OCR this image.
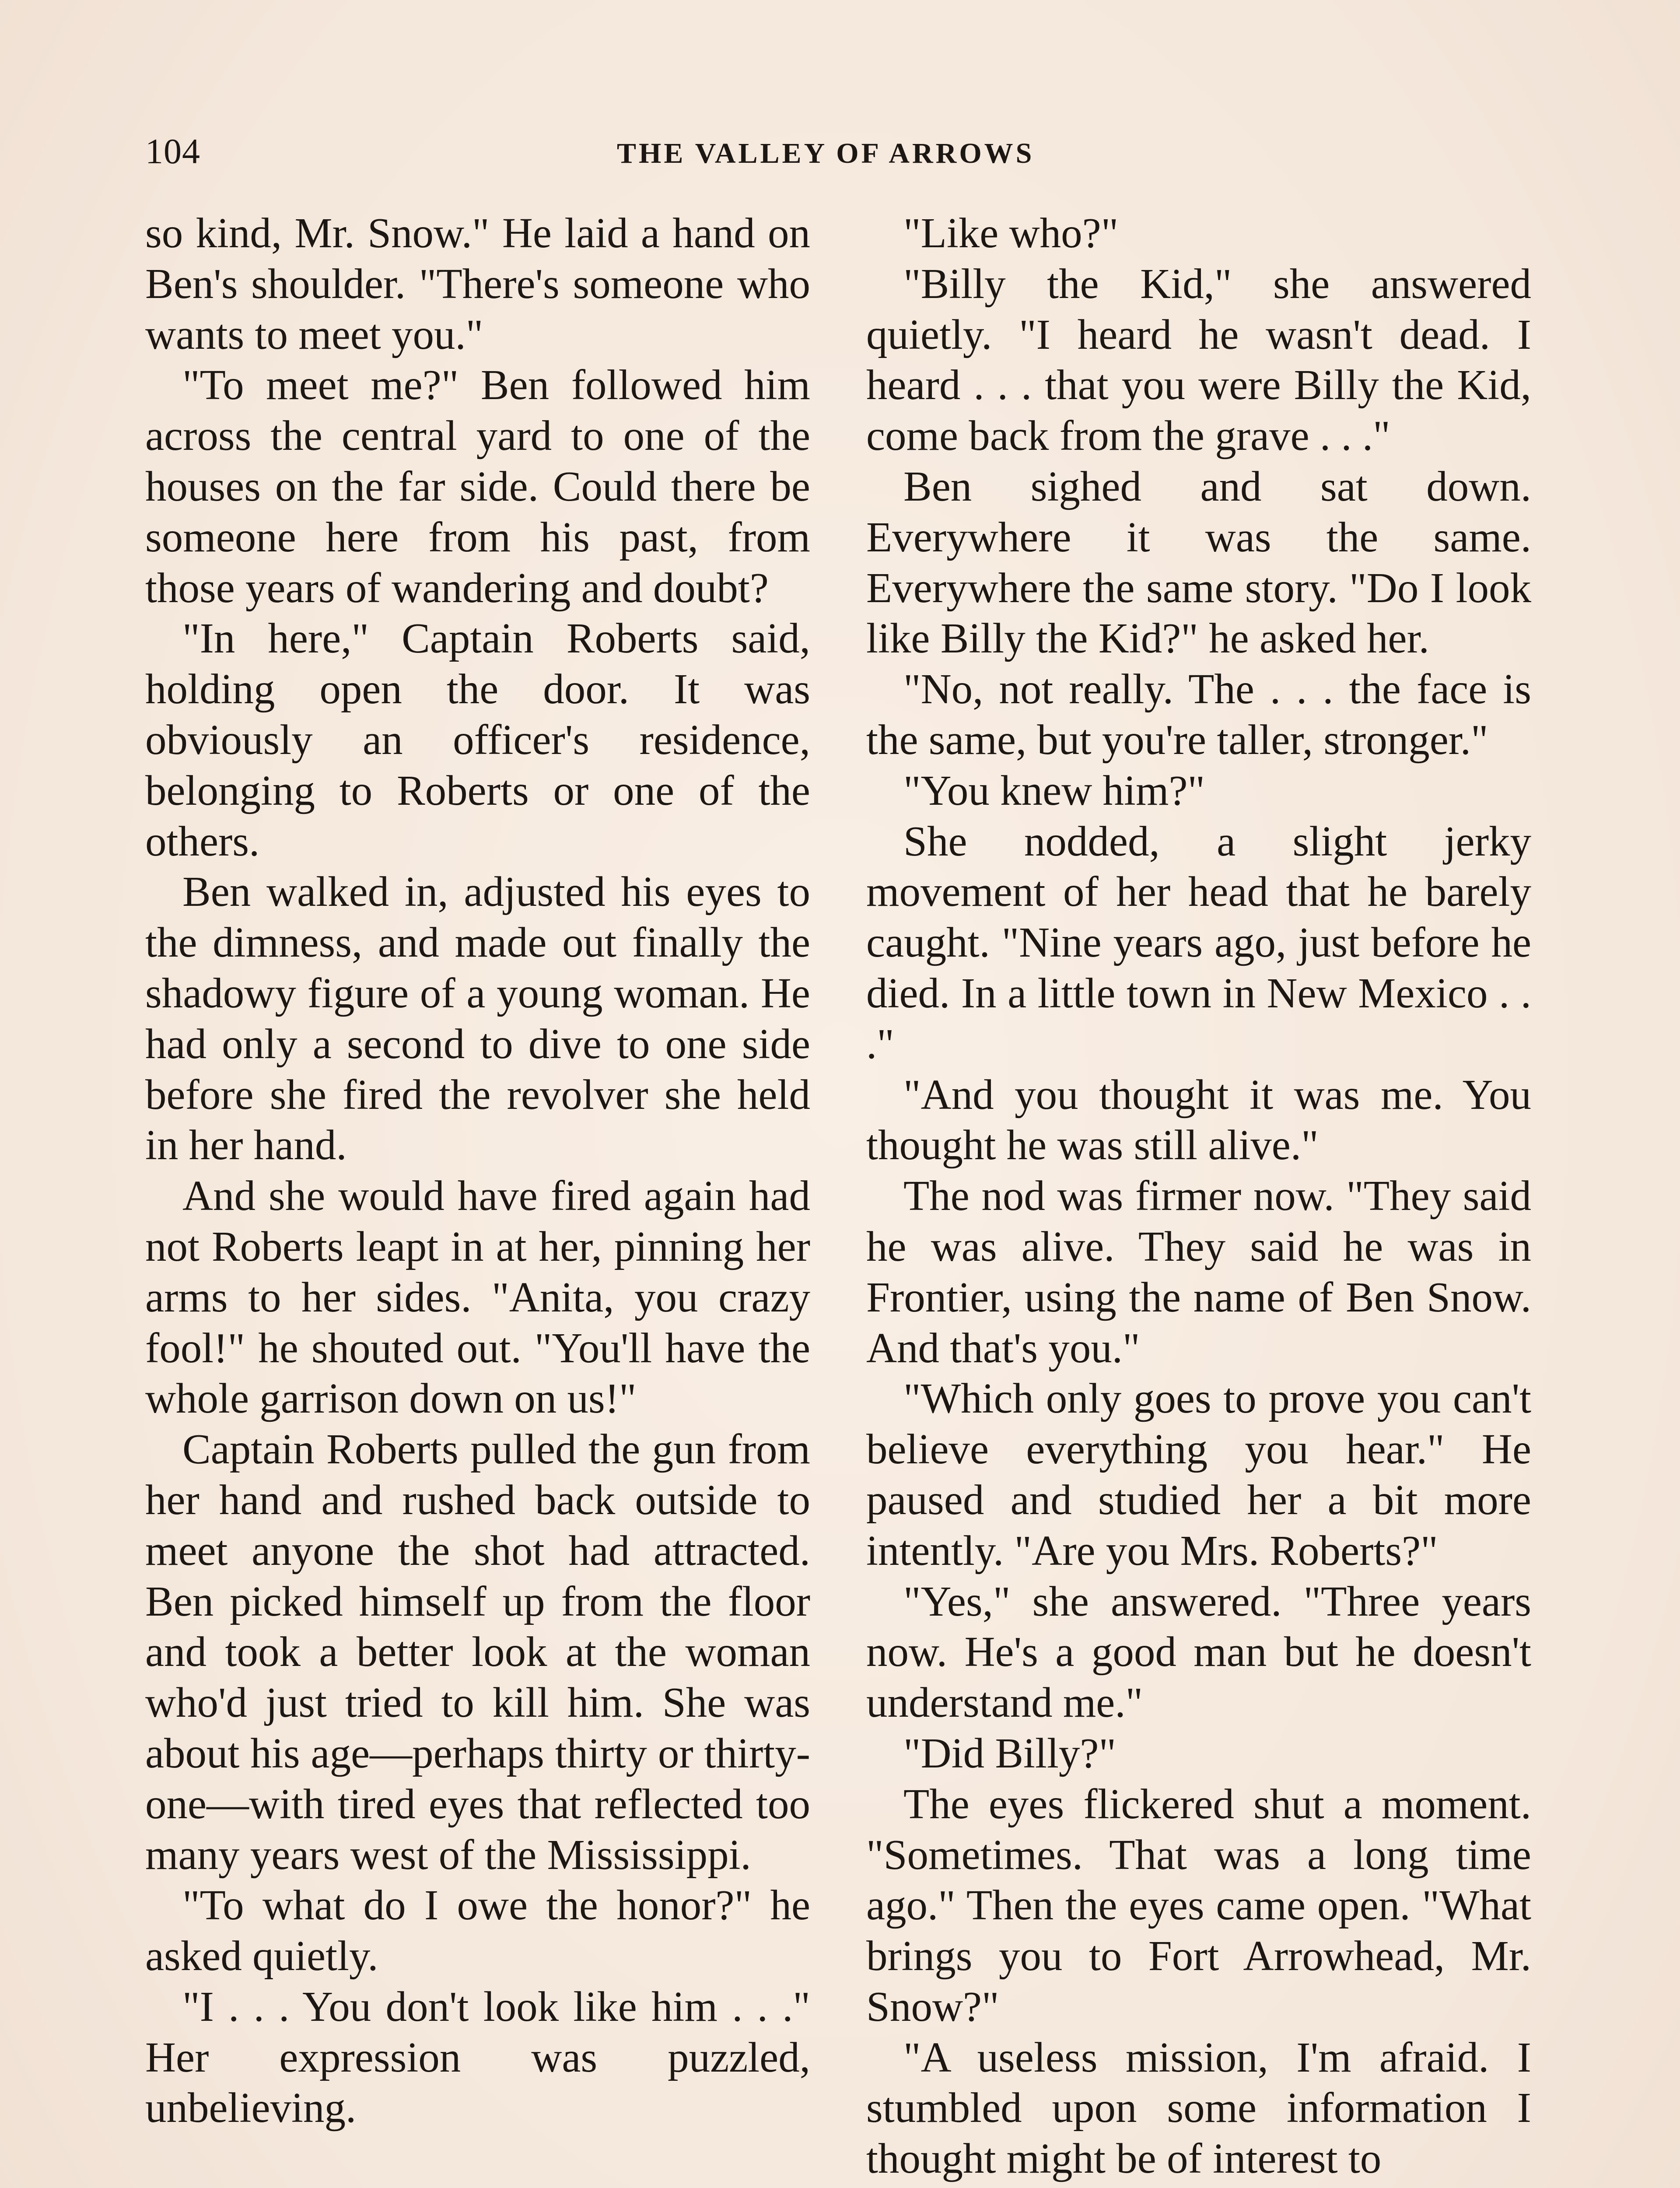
104	THE VALLEY OF ARROWS

so kind, Mr. Snow." He laid a hand on Ben's shoulder. "There's someone who wants to meet you."

"To meet me?" Ben followed him across the central yard to one of the houses on the far side. Could there be someone here from his past, from those years of wandering and doubt?

"In here," Captain Roberts said, holding open the door. It was obviously an officer's residence, belonging to Roberts or one of the others.

Ben walked in, adjusted his eyes to the dimness, and made out finally the shadowy figure of a young woman. He had only a second to dive to one side before she fired the revolver she held in her hand.

And she would have fired again had not Roberts leapt in at her, pinning her arms to her sides. "Anita, you crazy fool!" he shouted out. "You'll have the whole garrison down on us!"

Captain Roberts pulled the gun from her hand and rushed back outside to meet anyone the shot had attracted. Ben picked himself up from the floor and took a better look at the woman who'd just tried to kill him. She was about his age—perhaps thirty or thirty-one—with tired eyes that reflected too many years west of the Mississippi.

"To what do I owe the honor?" he asked quietly.

"I . . . You don't look like him . . ." Her expression was puzzled, unbelieving.

"Like who?"

"Billy the Kid," she answered quietly. "I heard he wasn't dead. I heard . . . that you were Billy the Kid, come back from the grave . . ."

Ben sighed and sat down. Everywhere it was the same. Everywhere the same story. "Do I look like Billy the Kid?" he asked her.

"No, not really. The . . . the face is the same, but you're taller, stronger."

"You knew him?"

She nodded, a slight jerky movement of her head that he barely caught. "Nine years ago, just before he died. In a little town in New Mexico . . ."

"And you thought it was me. You thought he was still alive."

The nod was firmer now. "They said he was alive. They said he was in Frontier, using the name of Ben Snow. And that's you."

"Which only goes to prove you can't believe everything you hear." He paused and studied her a bit more intently. "Are you Mrs. Roberts?"

"Yes," she answered. "Three years now. He's a good man but he doesn't understand me."

"Did Billy?"

The eyes flickered shut a moment. "Sometimes. That was a long time ago." Then the eyes came open. "What brings you to Fort Arrowhead, Mr. Snow?"

"A useless mission, I'm afraid. I stumbled upon some information I thought might be of interest to
